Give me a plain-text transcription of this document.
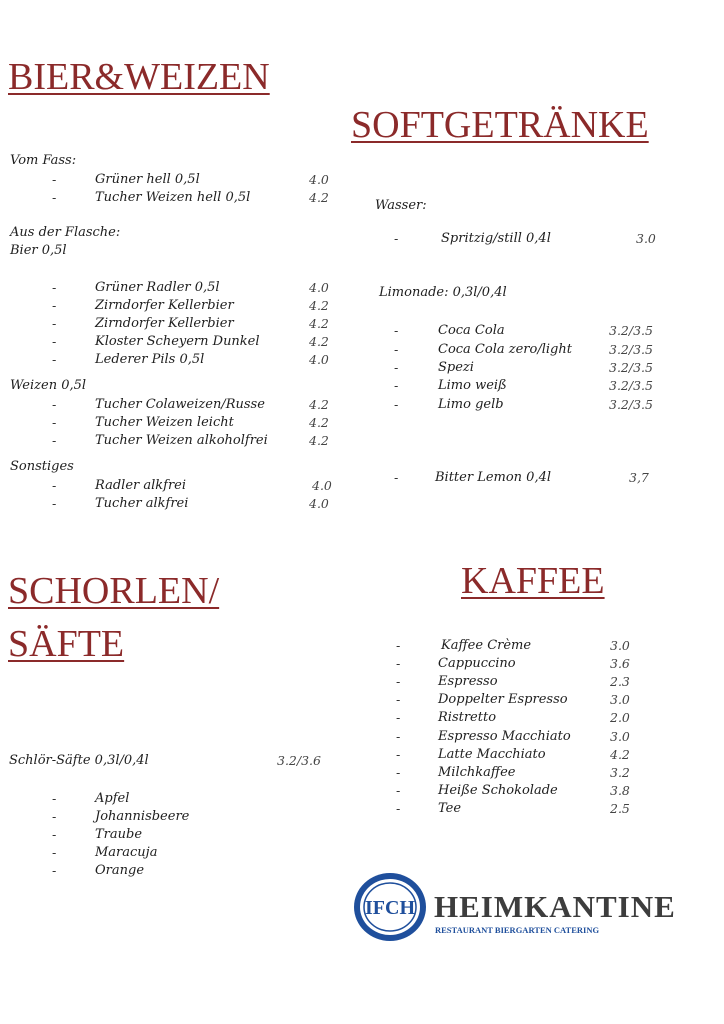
BIER&WEIZEN
Vom Fass:
-	Grüner hell 0,5l	4.0
-	Tucher Weizen hell 0,5l	4.2
Aus der Flasche:
Bier 0,5l
-	Grüner Radler 0,5l	4.0
-	Zirndorfer Kellerbier	4.2
-	Zirndorfer Kellerbier	4.2
-	Kloster Scheyern Dunkel	4.2
-	Lederer Pils 0,5l	4.0
Weizen 0,5l
-	Tucher Colaweizen/Russe	4.2
-	Tucher Weizen leicht	4.2
-	Tucher Weizen alkoholfrei	4.2
Sonstiges
-	Radler alkfrei	4.0
-	Tucher alkfrei	4.0
SOFTGETRÄNKE
Wasser:
-	Spritzig/still 0,4l	3.0
Limonade: 0,3l/0,4l
-	Coca Cola	3.2/3.5
-	Coca Cola zero/light	3.2/3.5
-	Spezi	3.2/3.5
-	Limo weiß	3.2/3.5
-	Limo gelb	3.2/3.5
-	Bitter Lemon 0,4l	3,7
SCHORLEN/
SÄFTE
Schlör-Säfte 0,3l/0,4l	3.2/3.6
-	Apfel
-	Johannisbeere
-	Traube
-	Maracuja
-	Orange
KAFFEE
-	Kaffee Crème	3.0
-	Cappuccino	3.6
-	Espresso	2.3
-	Doppelter Espresso	3.0
-	Ristretto	2.0
-	Espresso Macchiato	3.0
-	Latte Macchiato	4.2
-	Milchkaffee	3.2
-	Heiße Schokolade	3.8
-	Tee	2.5
IFCH HEIMKANTINE
RESTAURANT BIERGARTEN CATERING
